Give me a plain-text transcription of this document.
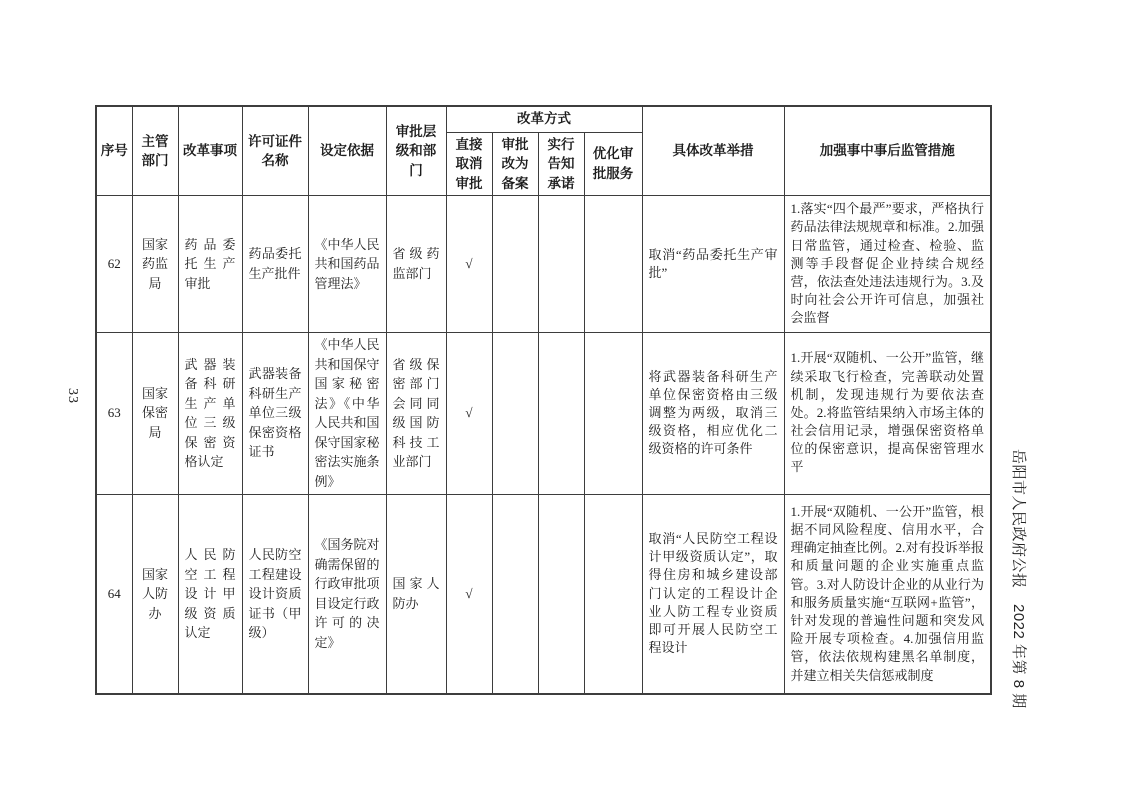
33
岳阳市人民政府公报　2022 年第 8 期
序号	主管部门	改革事项	许可证件名称	设定依据	审批层级和部门	改革方式				具体改革举措	加强事中事后监管措施
						直接取消审批	审批改为备案	实行告知承诺	优化审批服务		
62	国家药监局	药品委托生产审批	药品委托生产批件	《中华人民共和国药品管理法》	省级药监部门	√				取消“药品委托生产审批”	1.落实“四个最严”要求，严格执行药品法律法规规章和标准。2.加强日常监管，通过检查、检验、监测等手段督促企业持续合规经营，依法查处违法违规行为。3.及时向社会公开许可信息，加强社会监督
63	国家保密局	武器装备科研生产单位三级保密资格认定	武器装备科研生产单位三级保密资格证书	《中华人民共和国保守国家秘密法》《中华人民共和国保守国家秘密法实施条例》	省级保密部门会同同级国防科技工业部门	√				将武器装备科研生产单位保密资格由三级调整为两级，取消三级资格，相应优化二级资格的许可条件	1.开展“双随机、一公开”监管，继续采取飞行检查，完善联动处置机制，发现违规行为要依法查处。2.将监管结果纳入市场主体的社会信用记录，增强保密资格单位的保密意识，提高保密管理水平
64	国家人防办	人民防空工程设计甲级资质认定	人民防空工程建设设计资质证书（甲级）	《国务院对确需保留的行政审批项目设定行政许可的决定》	国家人防办	√				取消“人民防空工程设计甲级资质认定”，取得住房和城乡建设部门认定的工程设计企业人防工程专业资质即可开展人民防空工程设计	1.开展“双随机、一公开”监管，根据不同风险程度、信用水平，合理确定抽查比例。2.对有投诉举报和质量问题的企业实施重点监管。3.对人防设计企业的从业行为和服务质量实施“互联网+监管”，针对发现的普遍性问题和突发风险开展专项检查。4.加强信用监管，依法依规构建黑名单制度，并建立相关失信惩戒制度
